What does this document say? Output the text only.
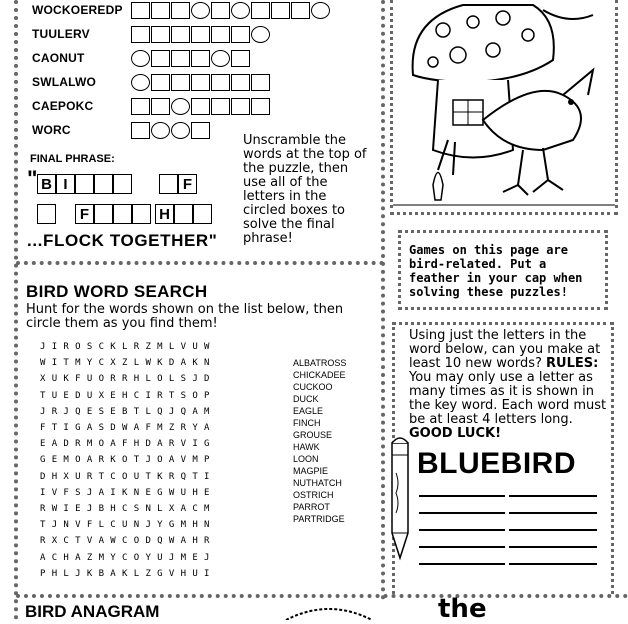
WOCKOEREDP
TUULERV
CAONUT
SWLALWO
CAEPOKC
WORC
FINAL PHRASE:
" B I	F
F	H
...FLOCK TOGETHER"
Unscramble the words at the top of the puzzle, then use all of the letters in the circled boxes to solve the final phrase!
Games on this page are bird-related. Put a feather in your cap when solving these puzzles!
BIRD WORD SEARCH
Hunt for the words shown on the list below, then circle them as you find them!
JIROSCKLRZMLVUW
WITMYCXZLWKDAKN
XUKFUORRHLOLSJD
TUEDUXEHCIRTSOP
JRJQESEBTLQJQAM
FTIGASDWAFMZRYA
EADRMOAFHDARVIG
GEMOARKOTJOAVMP
DHXURTCOUTKRQTI
IVFSJAIKNEGWUHE
RWIEJBHCSNLXACM
TJNVFLCUNJYGMHN
RXCTVAWCODQWAHR
ACHAZMYCOYUJMEJ
PHLJKBAKLZGVHUI
ALBATROSS
CHICKADEE
CUCKOO
DUCK
EAGLE
FINCH
GROUSE
HAWK
LOON
MAGPIE
NUTHATCH
OSTRICH
PARROT
PARTRIDGE
Using just the letters in the word below, can you make at least 10 new words? RULES: You may only use a letter as many times as it is shown in the key word. Each word must be at least 4 letters long. GOOD LUCK!
BLUEBIRD
BIRD ANAGRAM	the
